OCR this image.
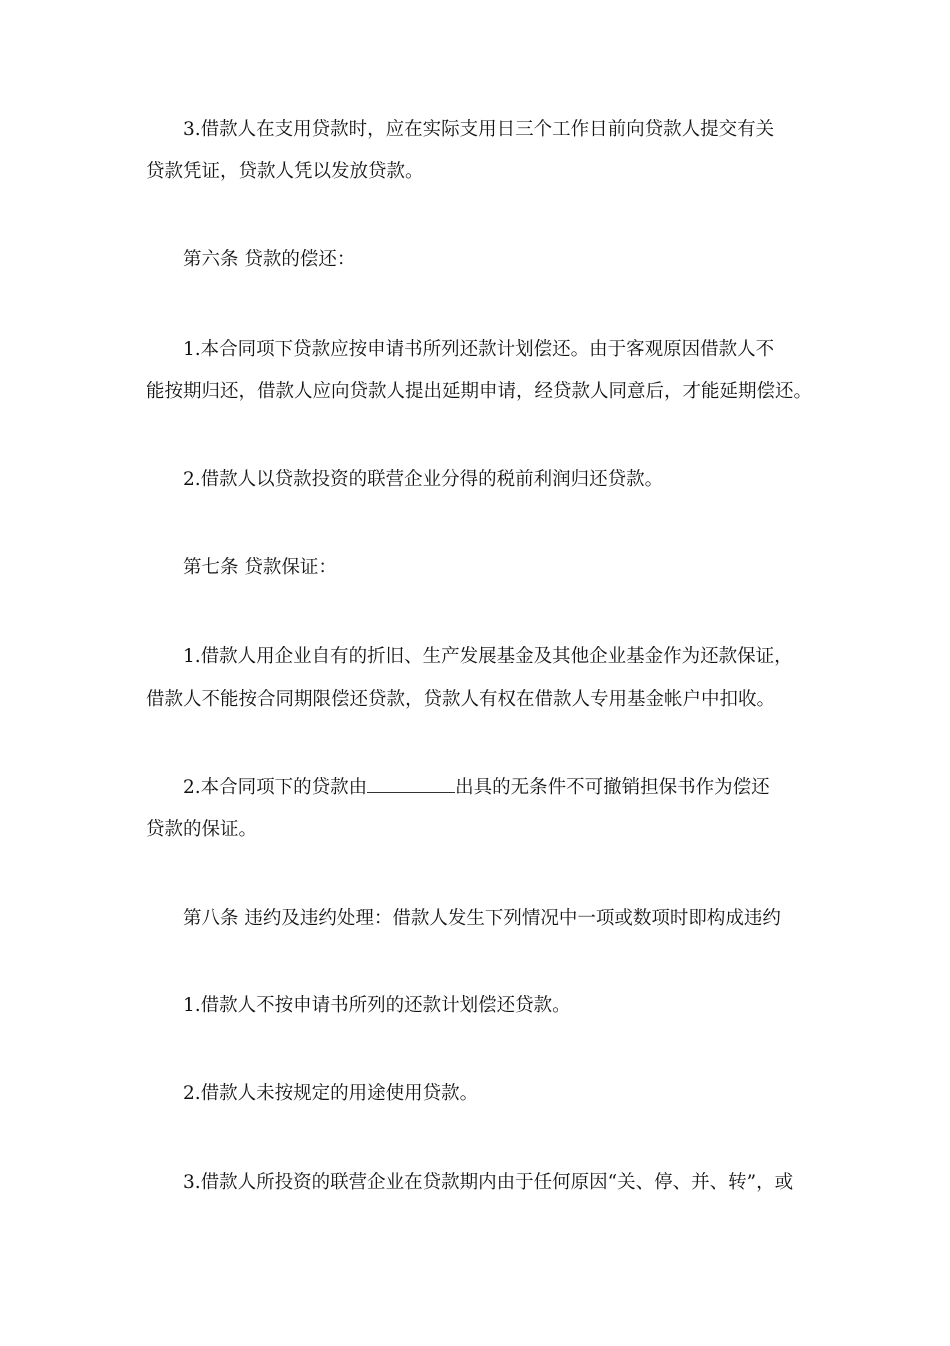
3.借款人在支用贷款时，应在实际支用日三个工作日前向贷款人提交有关
贷款凭证，贷款人凭以发放贷款。
第六条 贷款的偿还：
1.本合同项下贷款应按申请书所列还款计划偿还。由于客观原因借款人不
能按期归还，借款人应向贷款人提出延期申请，经贷款人同意后，才能延期偿还。
2.借款人以贷款投资的联营企业分得的税前利润归还贷款。
第七条 贷款保证：
1.借款人用企业自有的折旧、生产发展基金及其他企业基金作为还款保证，
借款人不能按合同期限偿还贷款，贷款人有权在借款人专用基金帐户中扣收。
2.本合同项下的贷款由	出具的无条件不可撤销担保书作为偿还
贷款的保证。
第八条 违约及违约处理：借款人发生下列情况中一项或数项时即构成违约
1.借款人不按申请书所列的还款计划偿还贷款。
2.借款人未按规定的用途使用贷款。
3.借款人所投资的联营企业在贷款期内由于任何原因“关、停、并、转”，或
